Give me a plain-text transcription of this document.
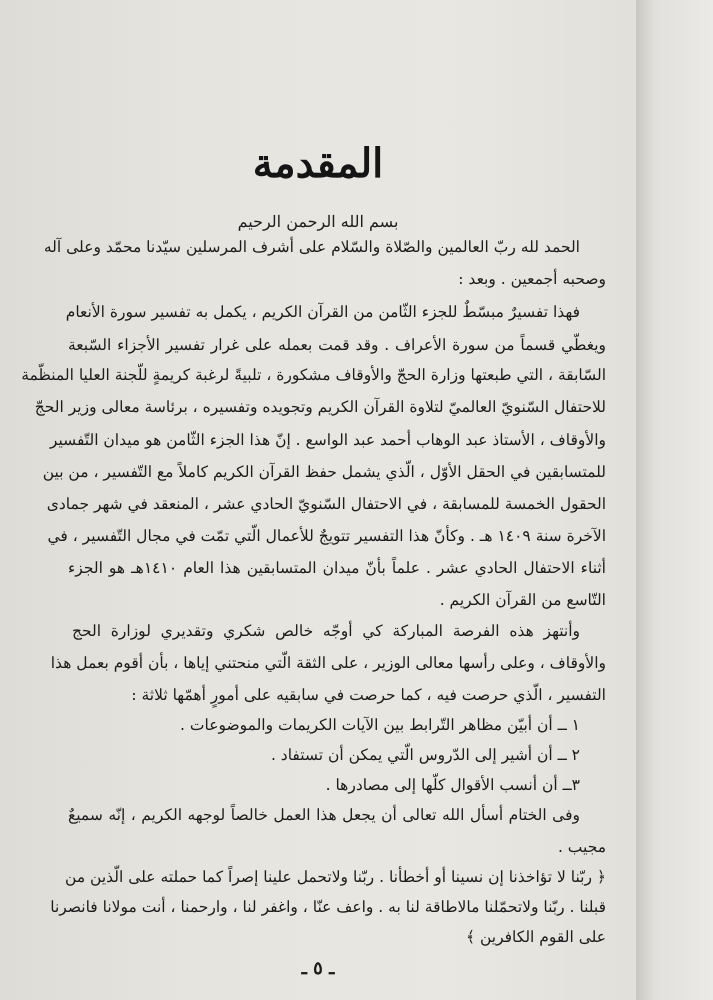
المقدمة
بسم الله الرحمن الرحيم
الحمد لله ربّ العالمين والصّلاة والسّلام على أشرف المرسلين سيّدنا محمّد وعلى آله
وصحبه أجمعين . وبعد :
فهذا تفسيرٌ مبسّطٌ للجزء الثّامن من القرآن الكريم ، يكمل به تفسير سورة الأنعام
ويغطّي قسماً من سورة الأعراف . وقد قمت بعمله على غرار تفسير الأجزاء السّبعة
السّابقة ، التي طبعتها وزارة الحجّ والأوقاف مشكورة ، تلبيةً لرغبة كريمةٍ للّجنة العليا المنظّمة
للاحتفال السّنويّ العالميّ لتلاوة القرآن الكريم وتجويده وتفسيره ، برئاسة معالى وزير الحجّ
والأوقاف ، الأستاذ عبد الوهاب أحمد عبد الواسع . إنّ هذا الجزء الثّامن هو ميدان التّفسير
للمتسابقين في الحقل الأوّل ، الّذي يشمل حفظ القرآن الكريم كاملاً مع التّفسير ، من بين
الحقول الخمسة للمسابقة ، في الاحتفال السّنويّ الحادي عشر ، المنعقد في شهر جمادى
الآخرة سنة ١٤٠٩ هـ . وكأنّ هذا التفسير تتويجٌ للأعمال الّتي تمّت في مجال التّفسير ، في
أثناء الاحتفال الحادي عشر . علماً بأنّ ميدان المتسابقين هذا العام ١٤١٠هـ هو الجزء
التّاسع من القرآن الكريم .
وأنتهز هذه الفرصة المباركة كي أوجّه خالص شكري وتقديري لوزارة الحج
والأوقاف ، وعلى رأسها معالى الوزير ، على الثقة الّتي منحتني إياها ، بأن أقوم بعمل هذا
التفسير ، الّذي حرصت فيه ، كما حرصت في سابقيه على أمورٍ أهمّها ثلاثة :
١ ــ أن أبيّن مظاهر التّرابط بين الآيات الكريمات والموضوعات .
٢ ــ أن أشير إلى الدّروس الّتي يمكن أن تستفاد .
٣ــ أن أنسب الأقوال كلّها إلى مصادرها .
وفى الختام أسأل الله تعالى أن يجعل هذا العمل خالصاً لوجهه الكريم ، إنّه سميعٌ
مجيب .
﴿ ربّنا لا تؤاخذنا إن نسينا أو أخطأنا . ربّنا ولاتحمل علينا إصراً كما حملته على الّذين من
قبلنا . ربّنا ولاتحمّلنا مالاطاقة لنا به . واعف عنّا ، واغفر لنا ، وارحمنا ، أنت مولانا فانصرنا
على القوم الكافرين ﴾
ـ ٥ ـ
